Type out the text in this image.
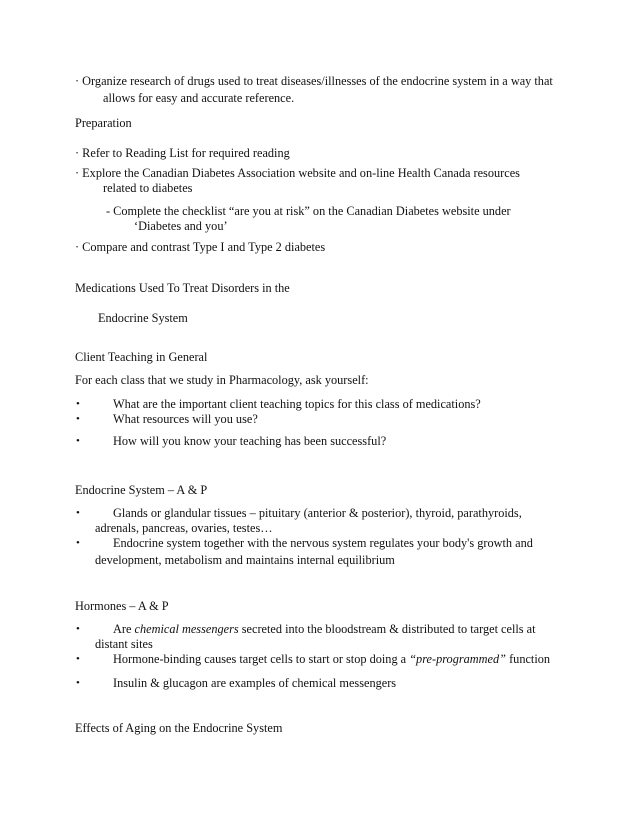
· Organize research of drugs used to treat diseases/illnesses of the endocrine system in a way that
allows for easy and accurate reference.
Preparation
· Refer to Reading List for required reading
· Explore the Canadian Diabetes Association website and on-line Health Canada resources
related to diabetes
- Complete the checklist “are you at risk” on the Canadian Diabetes website under
‘Diabetes and you’
· Compare and contrast Type I and Type 2 diabetes
Medications Used To Treat Disorders in the
Endocrine System
Client Teaching in General
For each class that we study in Pharmacology, ask yourself:
•	What are the important client teaching topics for this class of medications?
•	What resources will you use?
•	How will you know your teaching has been successful?
Endocrine System – A & P
•	Glands or glandular tissues – pituitary (anterior & posterior), thyroid, parathyroids,
adrenals, pancreas, ovaries, testes…
•	Endocrine system together with the nervous system regulates your body's growth and
development, metabolism and maintains internal equilibrium
Hormones – A & P
•	Are chemical messengers secreted into the bloodstream & distributed to target cells at
distant sites
•	Hormone-binding causes target cells to start or stop doing a “pre-programmed” function
•	Insulin & glucagon are examples of chemical messengers
Effects of Aging on the Endocrine System
